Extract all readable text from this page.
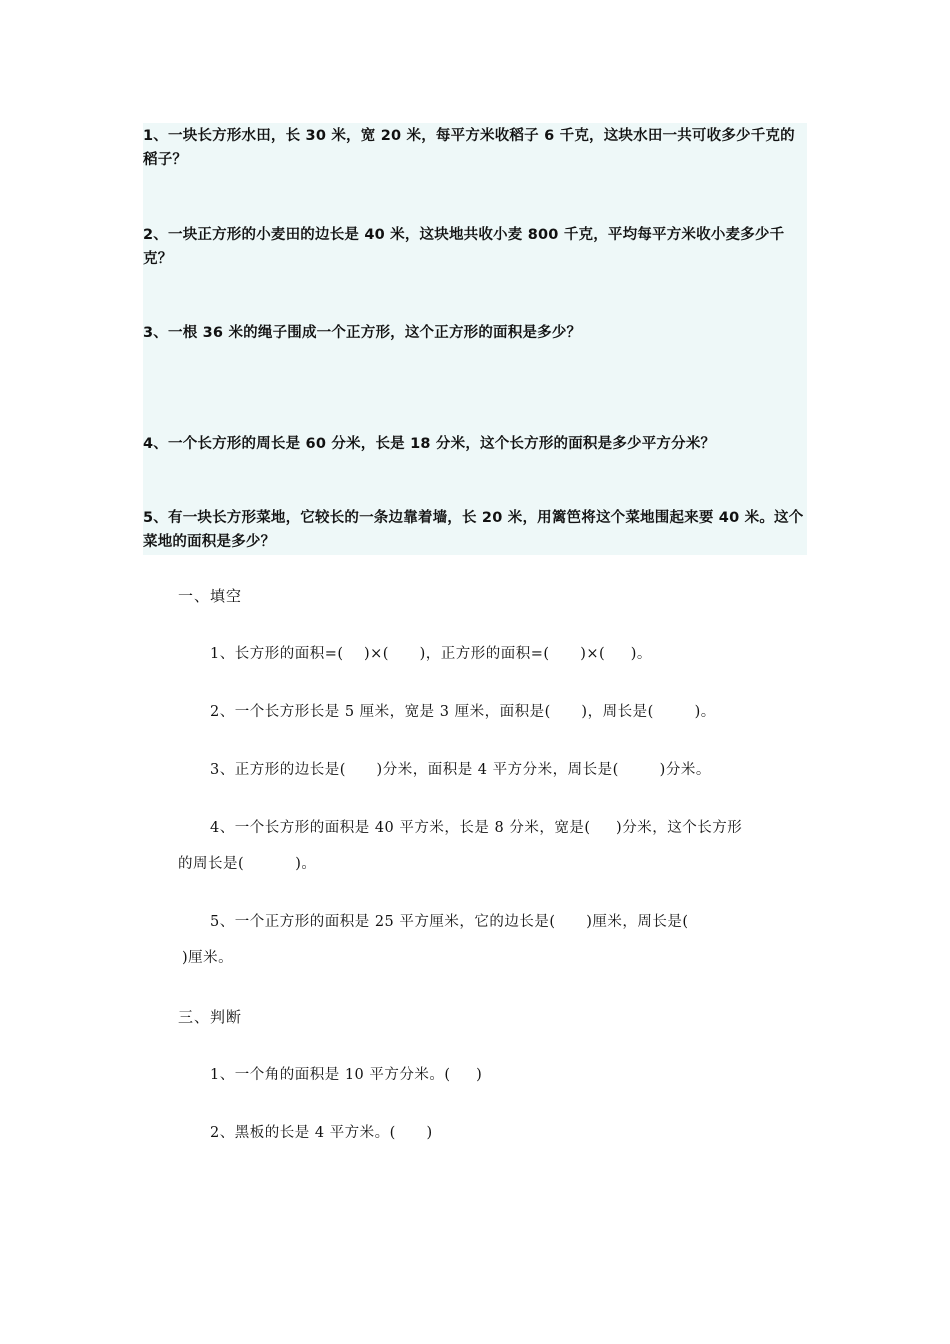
1、一块长方形水田，长 30 米，宽 20 米，每平方米收稻子 6 千克，这块水田一共可收多少千克的稻子？
2、一块正方形的小麦田的边长是 40 米，这块地共收小麦 800 千克，平均每平方米收小麦多少千克？
3、一根 36 米的绳子围成一个正方形，这个正方形的面积是多少？
4、一个长方形的周长是 60 分米，长是 18 分米，这个长方形的面积是多少平方分米？
5、有一块长方形菜地，它较长的一条边靠着墙，长 20 米，用篱笆将这个菜地围起来要 40 米。这个菜地的面积是多少？
一、填空
1、长方形的面积=(    )×(      )，正方形的面积=(      )×(     )。
2、一个长方形长是 5 厘米，宽是 3 厘米，面积是(      )，周长是(        )。
3、正方形的边长是(      )分米，面积是 4 平方分米，周长是(        )分米。
4、一个长方形的面积是 40 平方米，长是 8 分米，宽是(     )分米，这个长方形
的周长是(          )。
5、一个正方形的面积是 25 平方厘米，它的边长是(      )厘米，周长是(
)厘米。
三、判断
1、一个角的面积是 10 平方分米。(     )
2、黑板的长是 4 平方米。(      )
